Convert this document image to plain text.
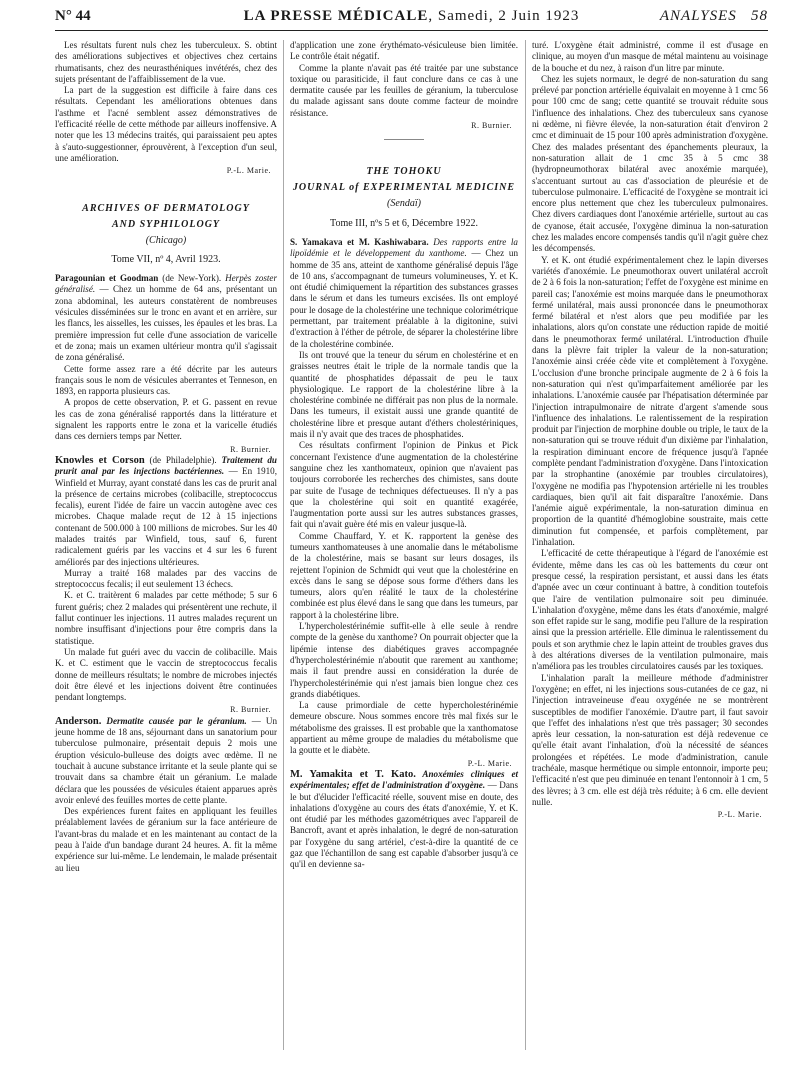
N° 44	LA PRESSE MÉDICALE, Samedi, 2 Juin 1923	ANALYSES 58

Les résultats furent nuls chez les tuberculeux. S. obtint des améliorations subjectives et objectives chez certains rhumatisants, chez des neurasthéniques invétérés, chez des sujets présentant de l'affaiblissement de la vue.

La part de la suggestion est difficile à faire dans ces résultats. Cependant les améliorations obtenues dans l'asthme et l'acné semblent assez démonstratives de l'efficacité réelle de cette méthode par ailleurs inoffensive. A noter que les 13 médecins traités, qui paraissaient peu aptes à s'auto-suggestionner, éprouvèrent, à l'exception d'un seul, une amélioration.

P.-L. Marie.
ARCHIVES OF DERMATOLOGY
AND SYPHILOLOGY
(Chicago)
Tome VII, nº 4, Avril 1923.

Paragounian et Goodman (de New-York). Herpès zoster généralisé. — Chez un homme de 64 ans, présentant un zona abdominal, les auteurs constatèrent de nombreuses vésicules disséminées sur le tronc en avant et en arrière, sur les flancs, les aisselles, les cuisses, les épaules et les bras. La première impression fut celle d'une association de varicelle et de zona; mais un examen ultérieur montra qu'il s'agissait de zona généralisé.

Cette forme assez rare a été décrite par les auteurs français sous le nom de vésicules aberrantes et Tenneson, en 1893, en rapporta plusieurs cas.

A propos de cette observation, P. et G. passent en revue les cas de zona généralisé rapportés dans la littérature et signalent les rapports entre le zona et la varicelle étudiés dans ces derniers temps par Netter.

R. Burnier.

Knowles et Corson (de Philadelphie). Traitement du prurit anal par les injections bactériennes. — En 1910, Winfield et Murray, ayant constaté dans les cas de prurit anal la présence de certains microbes (colibacille, streptococcus fecalis), eurent l'idée de faire un vaccin autogène avec ces microbes. Chaque malade reçut de 12 à 15 injections contenant de 500.000 à 100 millions de microbes. Sur les 40 malades traités par Winfield, tous, sauf 6, furent radicalement guéris par les vaccins et 4 sur les 6 furent améliorés par des injections ultérieures.

Murray a traité 168 malades par des vaccins de streptococcus fecalis; il eut seulement 13 échecs.

K. et C. traitèrent 6 malades par cette méthode; 5 sur 6 furent guéris; chez 2 malades qui présentèrent une rechute, il fallut continuer les injections. 11 autres malades reçurent un nombre insuffisant d'injections pour être compris dans la statistique.

Un malade fut guéri avec du vaccin de colibacille. Mais K. et C. estiment que le vaccin de streptococcus fecalis donne de meilleurs résultats; le nombre de microbes injectés doit être élevé et les injections doivent être continuées pendant longtemps.

R. Burnier.

Anderson. Dermatite causée par le géranium. — Un jeune homme de 18 ans, séjournant dans un sanatorium pour tuberculose pulmonaire, présentait depuis 2 mois une éruption vésiculo-bulleuse des doigts avec œdème. Il ne touchait à aucune substance irritante et la seule plante qui se trouvait dans sa chambre était un géranium. Le malade déclara que les poussées de vésicules étaient apparues après avoir enlevé des feuilles mortes de cette plante.

Des expériences furent faites en appliquant les feuilles préalablement lavées de géranium sur la face antérieure de l'avant-bras du malade et en les maintenant au contact de la peau à l'aide d'un bandage durant 24 heures. A. fit la même expérience sur lui-même. Le lendemain, le malade présentait au lieu

d'application une zone érythémato-vésiculeuse bien limitée. Le contrôle était négatif.

Comme la plante n'avait pas été traitée par une substance toxique ou parasiticide, il faut conclure dans ce cas à une dermatite causée par les feuilles de géranium, la tuberculose du malade agissant sans doute comme facteur de moindre résistance.

R. Burnier.
THE TOHOKU
JOURNAL of EXPERIMENTAL MEDICINE
(Sendaï)
Tome III, nºs 5 et 6, Décembre 1922.

S. Yamakava et M. Kashiwabara. Des rapports entre la lipoïdémie et le développement du xanthome. — Chez un homme de 35 ans, atteint de xanthome généralisé depuis l'âge de 10 ans, s'accompagnant de tumeurs volumineuses, Y. et K. ont étudié chimiquement la répartition des substances grasses dans le sérum et dans les tumeurs excisées. Ils ont employé pour le dosage de la cholestérine une technique colorimétrique permettant, par traitement préalable à la digitonine, suivi d'extraction à l'éther de pétrole, de séparer la cholestérine libre de la cholestérine combinée.

Ils ont trouvé que la teneur du sérum en cholestérine et en graisses neutres était le triple de la normale tandis que la quantité de phosphatides dépassait de peu le taux physiologique. Le rapport de la cholestérine libre à la cholestérine combinée ne différait pas non plus de la normale. Dans les tumeurs, il existait aussi une grande quantité de cholestérine libre et presque autant d'éthers cholestériniques, mais il n'y avait que des traces de phosphatides.

Ces résultats confirment l'opinion de Pinkus et Pick concernant l'existence d'une augmentation de la cholestérine sanguine chez les xanthomateux, opinion que n'avaient pas toujours corroborée les recherches des chimistes, sans doute par suite de l'usage de techniques défectueuses. Il n'y a pas que la cholestérine qui soit en quantité exagérée, l'augmentation porte aussi sur les autres substances grasses, fait qui n'avait guère été mis en valeur jusque-là.

Comme Chauffard, Y. et K. rapportent la genèse des tumeurs xanthomateuses à une anomalie dans le métabolisme de la cholestérine, mais se basant sur leurs dosages, ils rejettent l'opinion de Schmidt qui veut que la cholestérine en excès dans le sang se dépose sous forme d'éthers dans les tumeurs, alors qu'en réalité le taux de la cholestérine combinée est plus élevé dans le sang que dans les tumeurs, par rapport à la cholestérine libre.

L'hypercholestérinémie suffit-elle à elle seule à rendre compte de la genèse du xanthome? On pourrait objecter que la lipémie intense des diabétiques graves accompagnée d'hypercholestérinémie n'aboutit que rarement au xanthome; mais il faut prendre aussi en considération la durée de l'hypercholestérinémie qui n'est jamais bien longue chez ces grands diabétiques.

La cause primordiale de cette hypercholestérinémie demeure obscure. Nous sommes encore très mal fixés sur le métabolisme des graisses. Il est probable que la xanthomatose appartient au même groupe de maladies du métabolisme que la goutte et le diabète.

P.-L. Marie.

M. Yamakita et T. Kato. Anoxémies cliniques et expérimentales; effet de l'administration d'oxygène. — Dans le but d'élucider l'efficacité réelle, souvent mise en doute, des inhalations d'oxygène au cours des états d'anoxémie, Y. et K. ont étudié par les méthodes gazométriques avec l'appareil de Bancroft, avant et après inhalation, le degré de non-saturation par l'oxygène du sang artériel, c'est-à-dire la quantité de ce gaz que l'échantillon de sang est capable d'absorber jusqu'à ce qu'il en devienne sa-

turé. L'oxygène était administré, comme il est d'usage en clinique, au moyen d'un masque de métal maintenu au voisinage de la bouche et du nez, à raison d'un litre par minute.

Chez les sujets normaux, le degré de non-saturation du sang prélevé par ponction artérielle équivalait en moyenne à 1 cmc 56 pour 100 cmc de sang; cette quantité se trouvait réduite sous l'influence des inhalations. Chez des tuberculeux sans cyanose ni œdème, ni fièvre élevée, la non-saturation était d'environ 2 cmc et diminuait de 15 pour 100 après administration d'oxygène. Chez des malades présentant des épanchements pleuraux, la non-saturation allait de 1 cmc 35 à 5 cmc 38 (hydropneumothorax bilatéral avec anoxémie marquée), s'accentuant surtout au cas d'association de pleurésie et de tuberculose pulmonaire. L'efficacité de l'oxygène se montrait ici encore plus nettement que chez les tuberculeux pulmonaires. Chez divers cardiaques dont l'anoxémie artérielle, surtout au cas de cyanose, était accusée, l'oxygène diminua la non-saturation chez les malades encore compensés tandis qu'il n'agit guère chez les décompensés.

Y. et K. ont étudié expérimentalement chez le lapin diverses variétés d'anoxémie. Le pneumothorax ouvert unilatéral accroît de 2 à 6 fois la non-saturation; l'effet de l'oxygène est minime en pareil cas; l'anoxémie est moins marquée dans le pneumothorax fermé unilatéral, mais aussi prononcée dans le pneumothorax fermé bilatéral et n'est alors que peu modifiée par les inhalations, alors qu'on constate une réduction rapide de moitié dans le pneumothorax fermé unilatéral. L'introduction d'huile dans la plèvre fait tripler la valeur de la non-saturation; l'anoxémie ainsi créée cède vite et complètement à l'oxygène. L'occlusion d'une bronche principale augmente de 2 à 6 fois la non-saturation qui n'est qu'imparfaitement améliorée par les inhalations. L'anoxémie causée par l'hépatisation déterminée par l'injection intrapulmonaire de nitrate d'argent s'amende sous l'influence des inhalations. Le ralentissement de la respiration produit par l'injection de morphine double ou triple, le taux de la non-saturation qui se trouve réduit d'un dixième par l'inhalation, la respiration diminuant encore de fréquence jusqu'à l'apnée complète pendant l'administration d'oxygène. Dans l'intoxication par la strophantine (anoxémie par troubles circulatoires), l'oxygène ne modifia pas l'hypotension artérielle ni les troubles cardiaques, bien qu'il ait fait disparaître l'anoxémie. Dans l'anémie aiguë expérimentale, la non-saturation diminua en proportion de la quantité d'hémoglobine soustraite, mais cette diminution fut compensée, et parfois complètement, par l'inhalation.

L'efficacité de cette thérapeutique à l'égard de l'anoxémie est évidente, même dans les cas où les battements du cœur ont presque cessé, la respiration persistant, et aussi dans les états d'apnée avec un cœur continuant à battre, à condition toutefois que l'aire de ventilation pulmonaire soit peu diminuée. L'inhalation d'oxygène, même dans les états d'anoxémie, malgré son effet rapide sur le sang, modifie peu l'allure de la respiration ainsi que la pression artérielle. Elle diminua le ralentissement du pouls et son arythmie chez le lapin atteint de troubles graves dus à des altérations diverses de la ventilation pulmonaire, mais n'améliora pas les troubles circulatoires causés par les toxiques.

L'inhalation paraît la meilleure méthode d'administrer l'oxygène; en effet, ni les injections sous-cutanées de ce gaz, ni l'injection intraveineuse d'eau oxygénée ne se montrèrent susceptibles de modifier l'anoxémie. D'autre part, il faut savoir que l'effet des inhalations n'est que très passager; 30 secondes après leur cessation, la non-saturation est déjà redevenue ce qu'elle était avant l'inhalation, d'où la nécessité de séances prolongées et répétées. Le mode d'administration, canule trachéale, masque hermétique ou simple entonnoir, importe peu; l'efficacité n'est que peu diminuée en tenant l'entonnoir à 1 cm, 5 des lèvres; à 3 cm. elle est déjà très réduite; à 6 cm. elle devient nulle.

P.-L. Marie.
